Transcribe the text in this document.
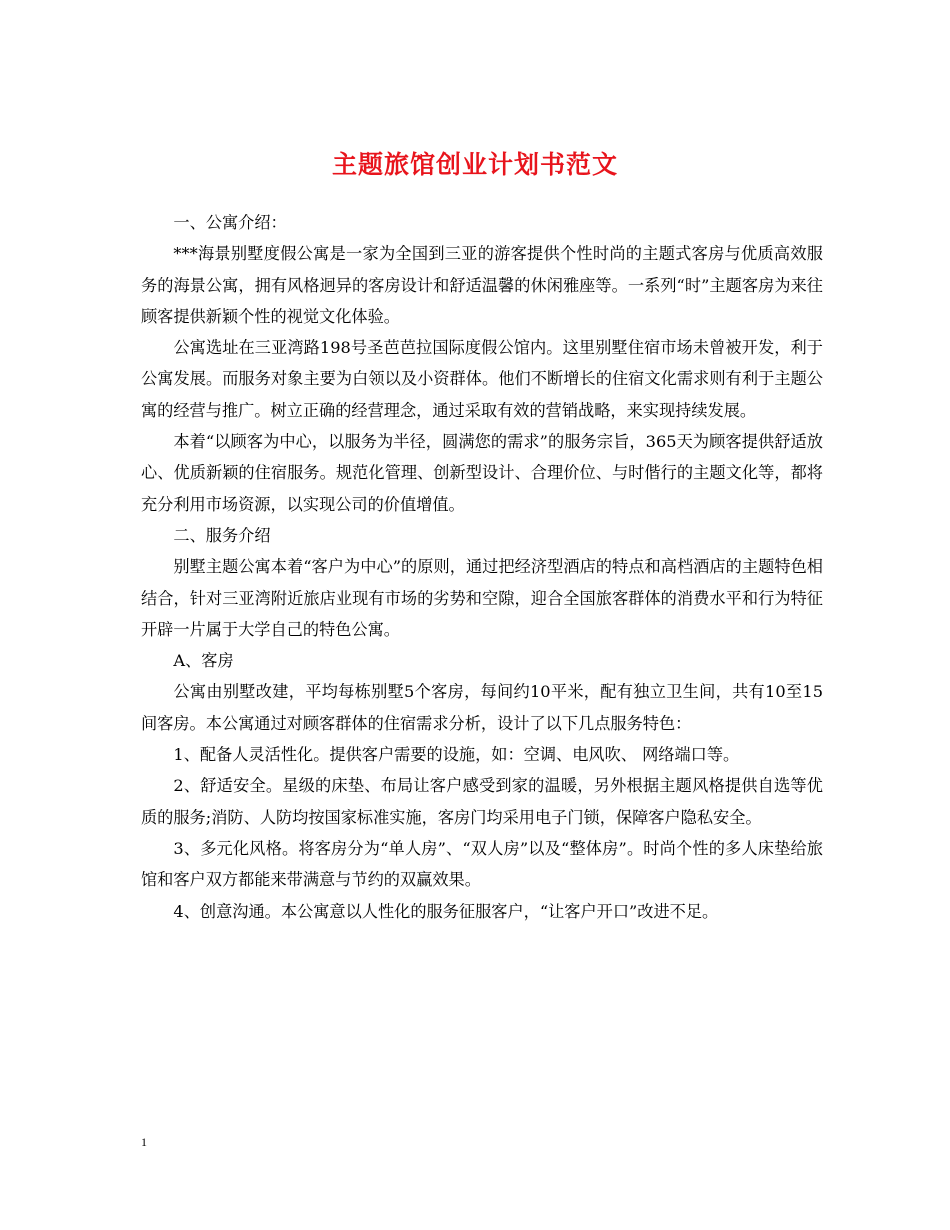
主题旅馆创业计划书范文

一、公寓介绍：

***海景别墅度假公寓是一家为全国到三亚的游客提供个性时尚的主题式客房与优质高效服务的海景公寓，拥有风格迥异的客房设计和舒适温馨的休闲雅座等。一系列“时”主题客房为来往顾客提供新颖个性的视觉文化体验。

公寓选址在三亚湾路198号圣芭芭拉国际度假公馆内。这里别墅住宿市场未曾被开发，利于公寓发展。而服务对象主要为白领以及小资群体。他们不断增长的住宿文化需求则有利于主题公寓的经营与推广。树立正确的经营理念，通过采取有效的营销战略，来实现持续发展。

本着“以顾客为中心，以服务为半径，圆满您的需求”的服务宗旨，365天为顾客提供舒适放心、优质新颖的住宿服务。规范化管理、创新型设计、合理价位、与时偕行的主题文化等，都将充分利用市场资源，以实现公司的价值增值。

二、服务介绍

别墅主题公寓本着“客户为中心”的原则，通过把经济型酒店的特点和高档酒店的主题特色相结合，针对三亚湾附近旅店业现有市场的劣势和空隙，迎合全国旅客群体的消费水平和行为特征开辟一片属于大学自己的特色公寓。

A、客房

公寓由别墅改建，平均每栋别墅5个客房，每间约10平米，配有独立卫生间，共有10至15间客房。本公寓通过对顾客群体的住宿需求分析，设计了以下几点服务特色：

1、配备人灵活性化。提供客户需要的设施，如：空调、电风吹、 网络端口等。

2、舒适安全。星级的床垫、布局让客户感受到家的温暖，另外根据主题风格提供自选等优质的服务;消防、人防均按国家标准实施，客房门均采用电子门锁，保障客户隐私安全。

3、多元化风格。将客房分为“单人房”、“双人房”以及“整体房”。时尚个性的多人床垫给旅馆和客户双方都能来带满意与节约的双赢效果。

4、创意沟通。本公寓意以人性化的服务征服客户，“让客户开口”改进不足。

1
